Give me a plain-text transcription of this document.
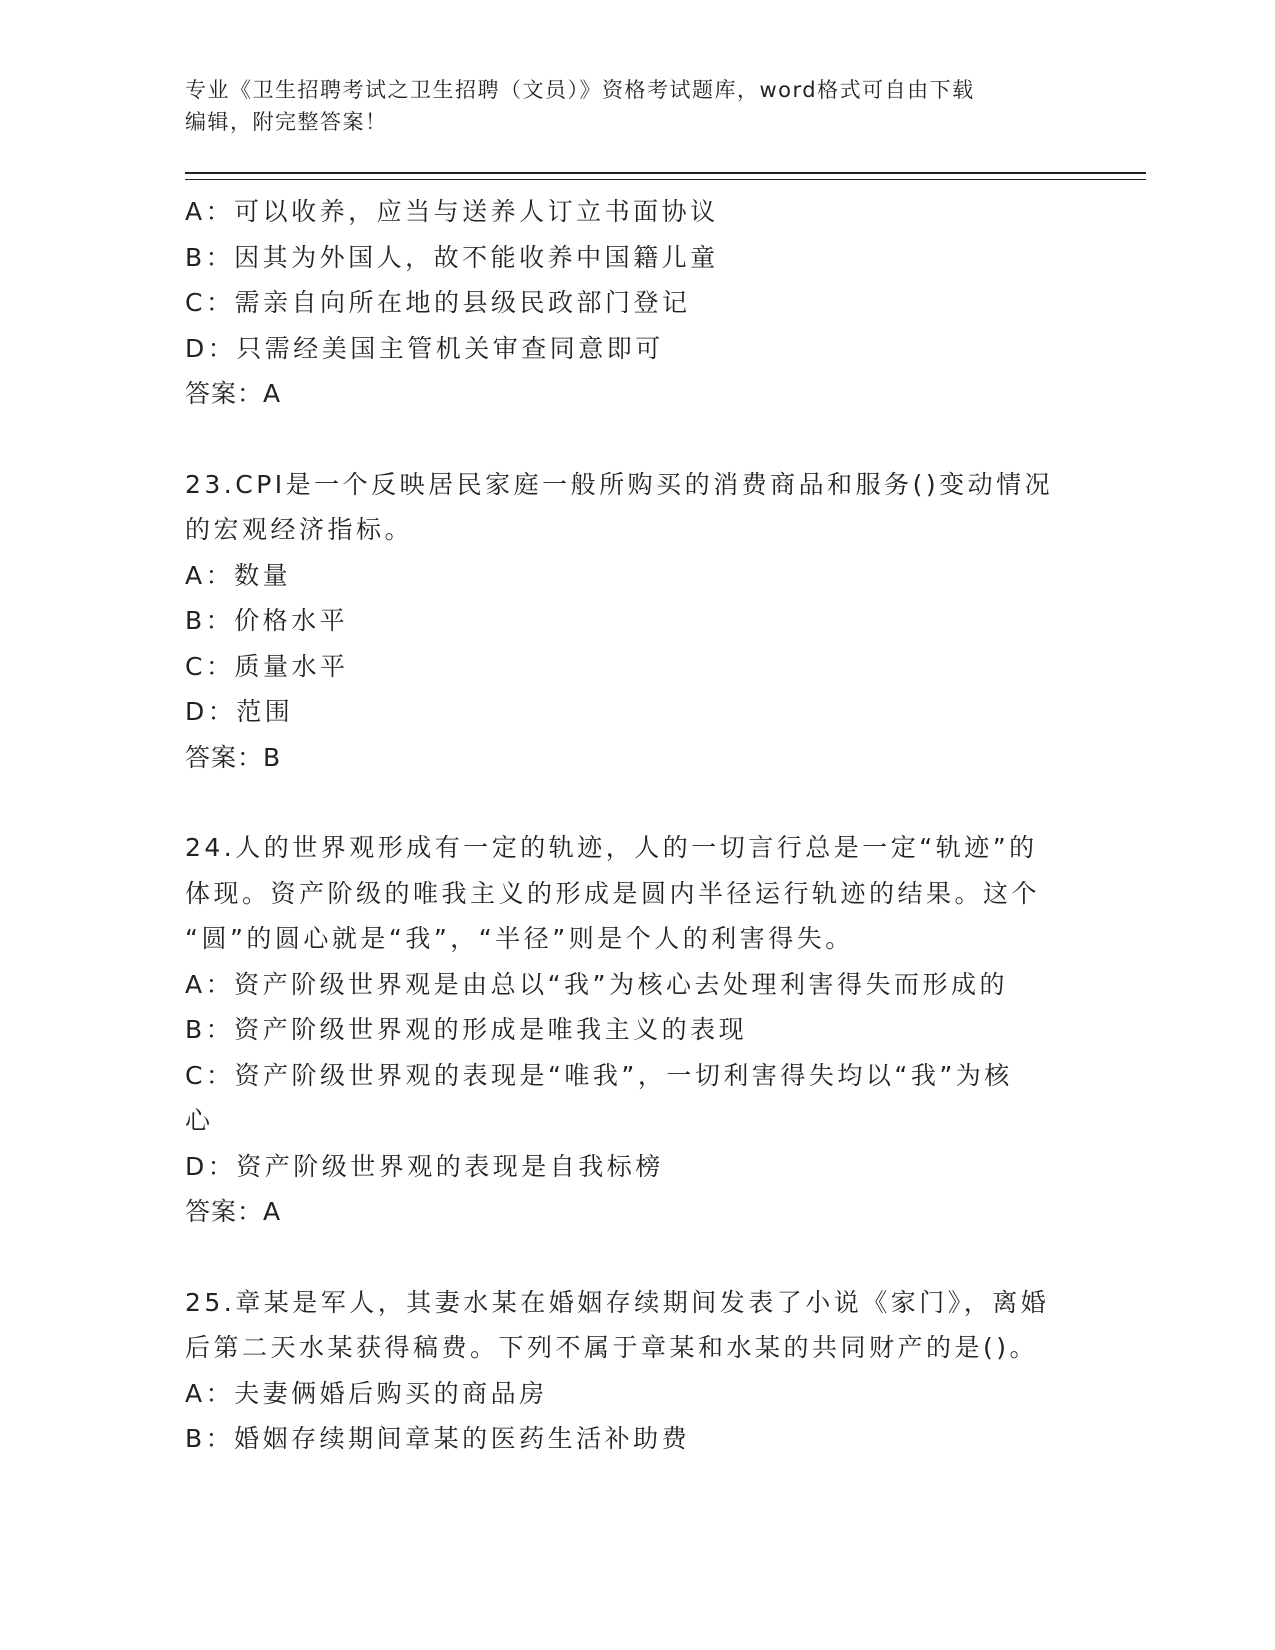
专业《卫生招聘考试之卫生招聘（文员）》资格考试题库，word格式可自由下载
编辑，附完整答案！
A：可以收养，应当与送养人订立书面协议
B：因其为外国人，故不能收养中国籍儿童
C：需亲自向所在地的县级民政部门登记
D：只需经美国主管机关审查同意即可
答案：A
23.CPI是一个反映居民家庭一般所购买的消费商品和服务()变动情况
的宏观经济指标。
A：数量
B：价格水平
C：质量水平
D：范围
答案：B
24.人的世界观形成有一定的轨迹，人的一切言行总是一定“轨迹”的
体现。资产阶级的唯我主义的形成是圆内半径运行轨迹的结果。这个
“圆”的圆心就是“我”，“半径”则是个人的利害得失。
A：资产阶级世界观是由总以“我”为核心去处理利害得失而形成的
B：资产阶级世界观的形成是唯我主义的表现
C：资产阶级世界观的表现是“唯我”，一切利害得失均以“我”为核
心
D：资产阶级世界观的表现是自我标榜
答案：A
25.章某是军人，其妻水某在婚姻存续期间发表了小说《家门》，离婚
后第二天水某获得稿费。下列不属于章某和水某的共同财产的是()。
A：夫妻俩婚后购买的商品房
B：婚姻存续期间章某的医药生活补助费
